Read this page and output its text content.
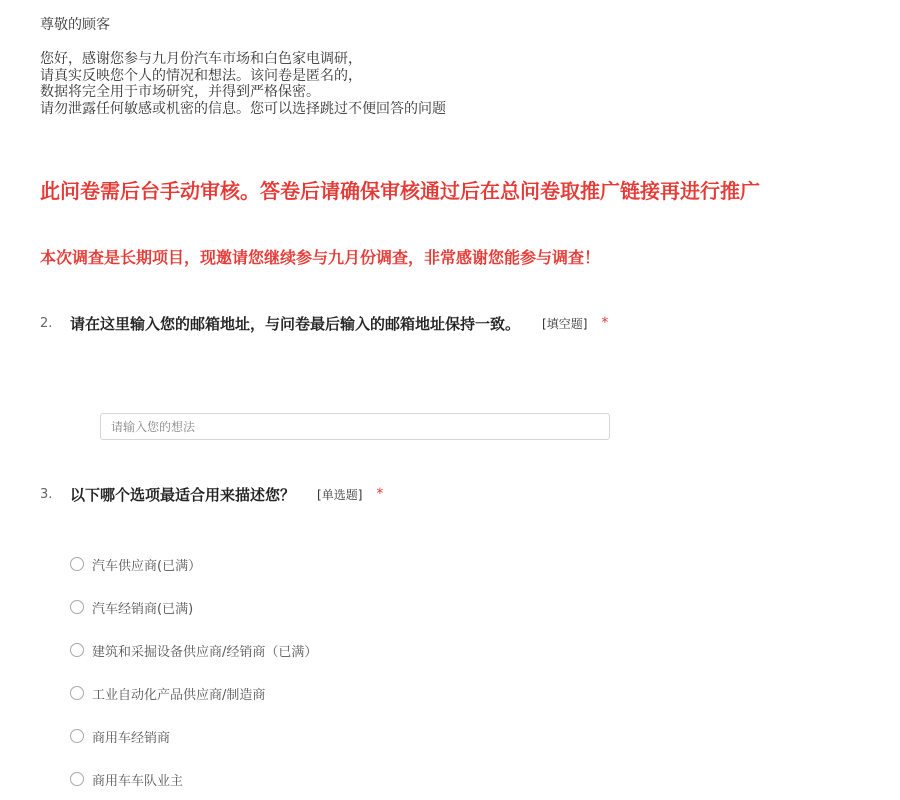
尊敬的顾客
您好，感谢您参与九月份汽车市场和白色家电调研，
请真实反映您个人的情况和想法。该问卷是匿名的，
数据将完全用于市场研究，并得到严格保密。
请勿泄露任何敏感或机密的信息。您可以选择跳过不便回答的问题
此问卷需后台手动审核。答卷后请确保审核通过后在总问卷取推广链接再进行推广
本次调查是长期项目，现邀请您继续参与九月份调查，非常感谢您能参与调查！
2.	请在这里输入您的邮箱地址，与问卷最后输入的邮箱地址保持一致。 [填空题] *
请输入您的想法
3.	以下哪个选项最适合用来描述您？ [单选题] *
汽车供应商(已满）
汽车经销商(已满)
建筑和采掘设备供应商/经销商（已满）
工业自动化产品供应商/制造商
商用车经销商
商用车车队业主
